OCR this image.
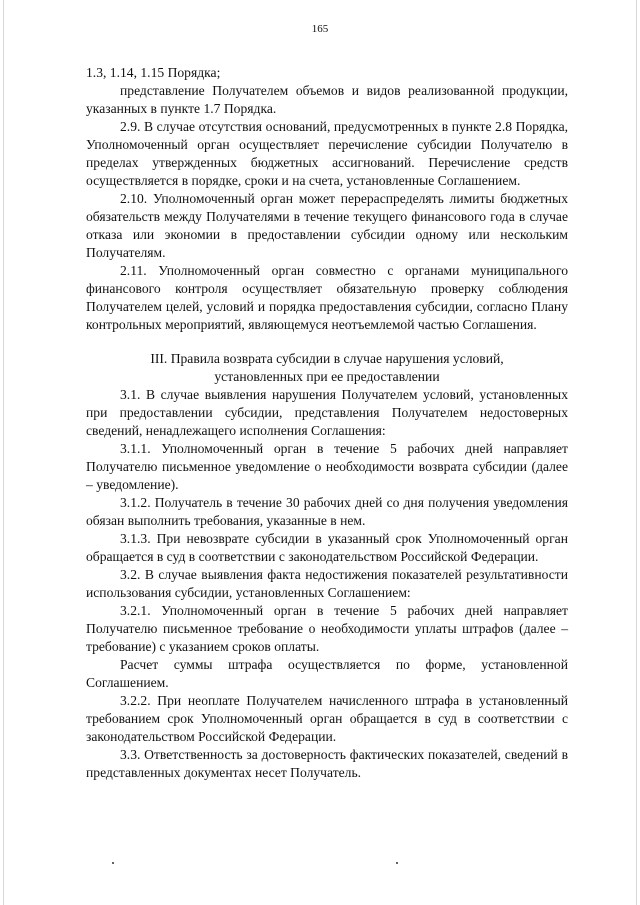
165

1.3, 1.14, 1.15 Порядка;

представление Получателем объемов и видов реализованной продукции, указанных в пункте 1.7 Порядка.

2.9. В случае отсутствия оснований, предусмотренных в пункте 2.8 Порядка, Уполномоченный орган осуществляет перечисление субсидии Получателю в пределах утвержденных бюджетных ассигнований. Перечисление средств осуществляется в порядке, сроки и на счета, установленные Соглашением.

2.10. Уполномоченный орган может перераспределять лимиты бюджетных обязательств между Получателями в течение текущего финансового года в случае отказа или экономии в предоставлении субсидии одному или нескольким Получателям.

2.11. Уполномоченный орган совместно с органами муниципального финансового контроля осуществляет обязательную проверку соблюдения Получателем целей, условий и порядка предоставления субсидии, согласно Плану контрольных мероприятий, являющемуся неотъемлемой частью Соглашения.

III. Правила возврата субсидии в случае нарушения условий,
установленных при ее предоставлении

3.1. В случае выявления нарушения Получателем условий, установленных при предоставлении субсидии, представления Получателем недостоверных сведений, ненадлежащего исполнения Соглашения:

3.1.1. Уполномоченный орган в течение 5 рабочих дней направляет Получателю письменное уведомление о необходимости возврата субсидии (далее – уведомление).

3.1.2. Получатель в течение 30 рабочих дней со дня получения уведомления обязан выполнить требования, указанные в нем.

3.1.3. При невозврате субсидии в указанный срок Уполномоченный орган обращается в суд в соответствии с законодательством Российской Федерации.

3.2. В случае выявления факта недостижения показателей результативности использования субсидии, установленных Соглашением:

3.2.1. Уполномоченный орган в течение 5 рабочих дней направляет Получателю письменное требование о необходимости уплаты штрафов (далее – требование) с указанием сроков оплаты.

Расчет суммы штрафа осуществляется по форме, установленной Соглашением.

3.2.2. При неоплате Получателем начисленного штрафа в установленный требованием срок Уполномоченный орган обращается в суд в соответствии с законодательством Российской Федерации.

3.3. Ответственность за достоверность фактических показателей, сведений в представленных документах несет Получатель.
